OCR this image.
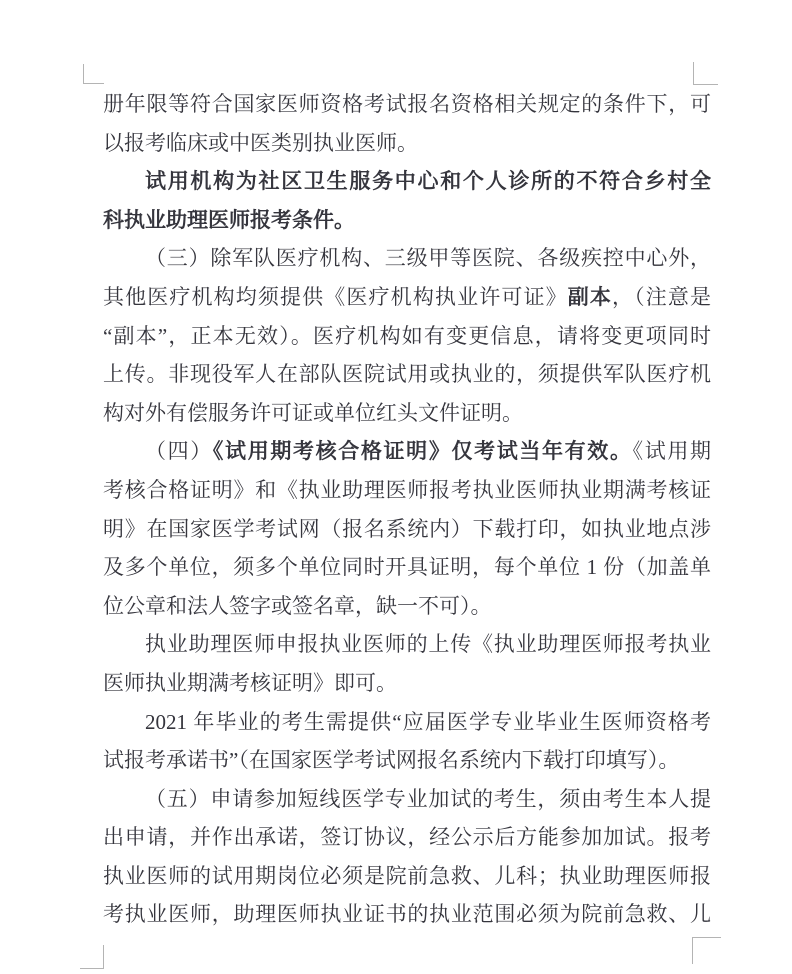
册年限等符合国家医师资格考试报名资格相关规定的条件下，可
以报考临床或中医类别执业医师。
试用机构为社区卫生服务中心和个人诊所的不符合乡村全
科执业助理医师报考条件。
（三）除军队医疗机构、三级甲等医院、各级疾控中心外，
其他医疗机构均须提供《医疗机构执业许可证》副本，（注意是
“副本”，正本无效）。医疗机构如有变更信息，请将变更项同时
上传。非现役军人在部队医院试用或执业的，须提供军队医疗机
构对外有偿服务许可证或单位红头文件证明。
（四）《试用期考核合格证明》仅考试当年有效。《试用期
考核合格证明》和《执业助理医师报考执业医师执业期满考核证
明》在国家医学考试网（报名系统内）下载打印，如执业地点涉
及多个单位，须多个单位同时开具证明，每个单位 1 份（加盖单
位公章和法人签字或签名章，缺一不可）。
执业助理医师申报执业医师的上传《执业助理医师报考执业
医师执业期满考核证明》即可。
2021 年毕业的考生需提供“应届医学专业毕业生医师资格考
试报考承诺书”（在国家医学考试网报名系统内下载打印填写）。
（五）申请参加短线医学专业加试的考生，须由考生本人提
出申请，并作出承诺，签订协议，经公示后方能参加加试。报考
执业医师的试用期岗位必须是院前急救、儿科；执业助理医师报
考执业医师，助理医师执业证书的执业范围必须为院前急救、儿
